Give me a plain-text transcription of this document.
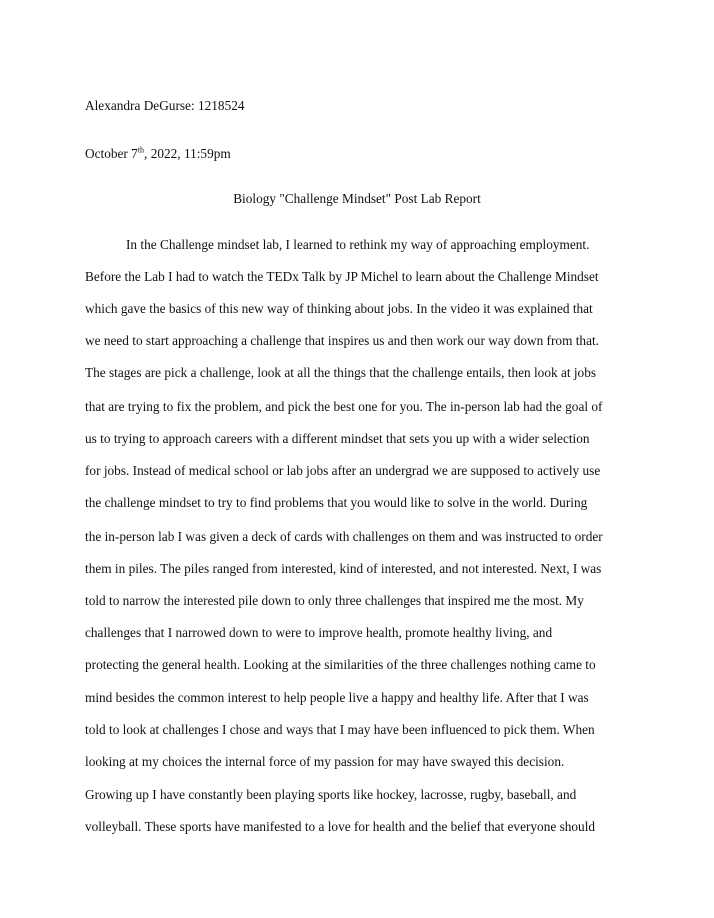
Alexandra DeGurse: 1218524
October 7th, 2022, 11:59pm
Biology "Challenge Mindset" Post Lab Report
In the Challenge mindset lab, I learned to rethink my way of approaching employment.
Before the Lab I had to watch the TEDx Talk by JP Michel to learn about the Challenge Mindset
which gave the basics of this new way of thinking about jobs. In the video it was explained that
we need to start approaching a challenge that inspires us and then work our way down from that.
The stages are pick a challenge, look at all the things that the challenge entails, then look at jobs
that are trying to fix the problem, and pick the best one for you. The in-person lab had the goal of
us to trying to approach careers with a different mindset that sets you up with a wider selection
for jobs. Instead of medical school or lab jobs after an undergrad we are supposed to actively use
the challenge mindset to try to find problems that you would like to solve in the world. During
the in-person lab I was given a deck of cards with challenges on them and was instructed to order
them in piles. The piles ranged from interested, kind of interested, and not interested. Next, I was
told to narrow the interested pile down to only three challenges that inspired me the most. My
challenges that I narrowed down to were to improve health, promote healthy living, and
protecting the general health. Looking at the similarities of the three challenges nothing came to
mind besides the common interest to help people live a happy and healthy life. After that I was
told to look at challenges I chose and ways that I may have been influenced to pick them. When
looking at my choices the internal force of my passion for may have swayed this decision.
Growing up I have constantly been playing sports like hockey, lacrosse, rugby, baseball, and
volleyball. These sports have manifested to a love for health and the belief that everyone should
